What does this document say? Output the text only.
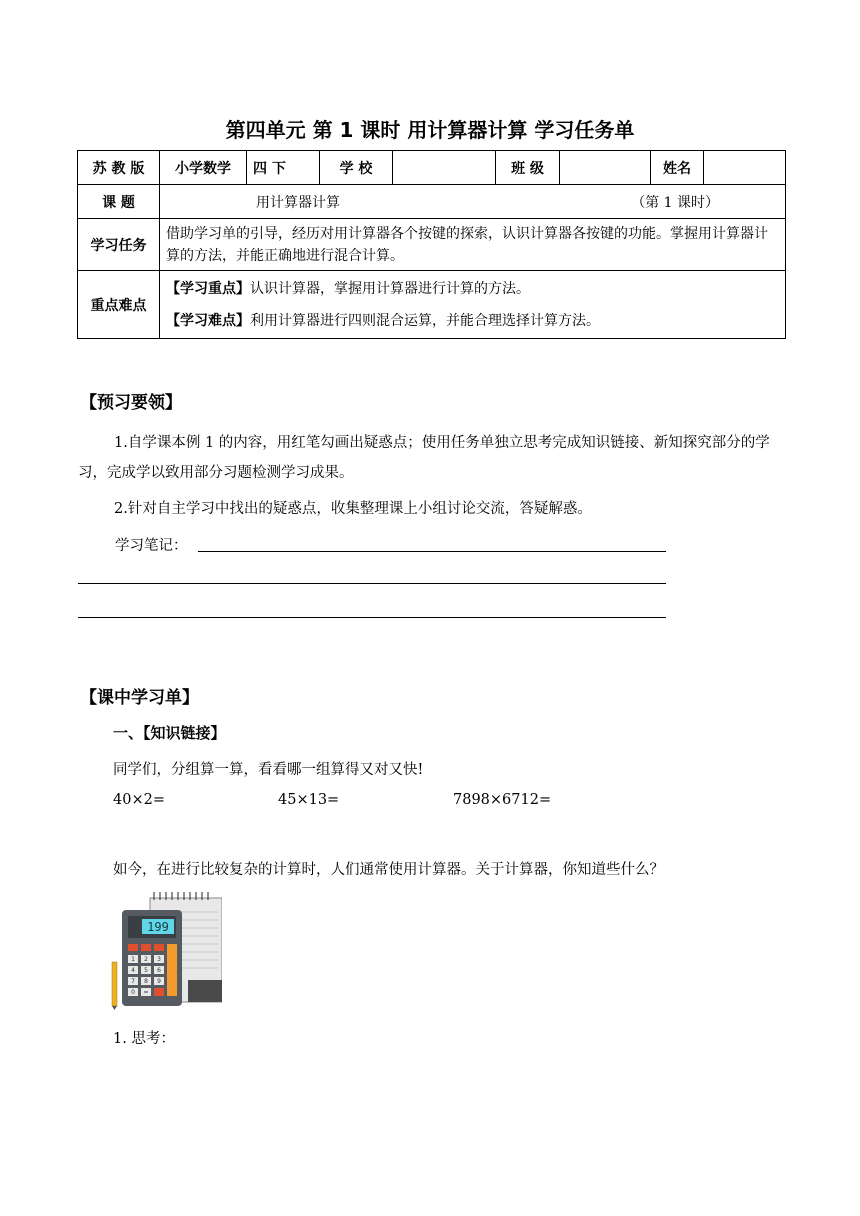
第四单元 第 1 课时 用计算器计算 学习任务单
苏 教 版	小学数学	四 下	学 校		班 级		姓名	
课 题	用计算器计算 （第 1 课时）							

学习任务	借助学习单的引导，经历对用计算器各个按键的探索，认识计算器各按键的功能。掌握用计算器计算的方法，并能正确地进行混合计算。							
重点难点	【学习重点】认识计算器，掌握用计算器进行计算的方法。
【学习难点】利用计算器进行四则混合运算，并能合理选择计算方法。							
【预习要领】
1.自学课本例 1 的内容，用红笔勾画出疑惑点；使用任务单独立思考完成知识链接、新知探究部分的学习，完成学以致用部分习题检测学习成果。
2.针对自主学习中找出的疑惑点，收集整理课上小组讨论交流，答疑解惑。
学习笔记：
【课中学习单】
一、【知识链接】
同学们，分组算一算，看看哪一组算得又对又快!
40×2=	45×13=	7898×6712=
如今，在进行比较复杂的计算时，人们通常使用计算器。关于计算器，你知道些什么？
199
1 2 3
4 5 6
7 8 9
0 =
1. 思考：
